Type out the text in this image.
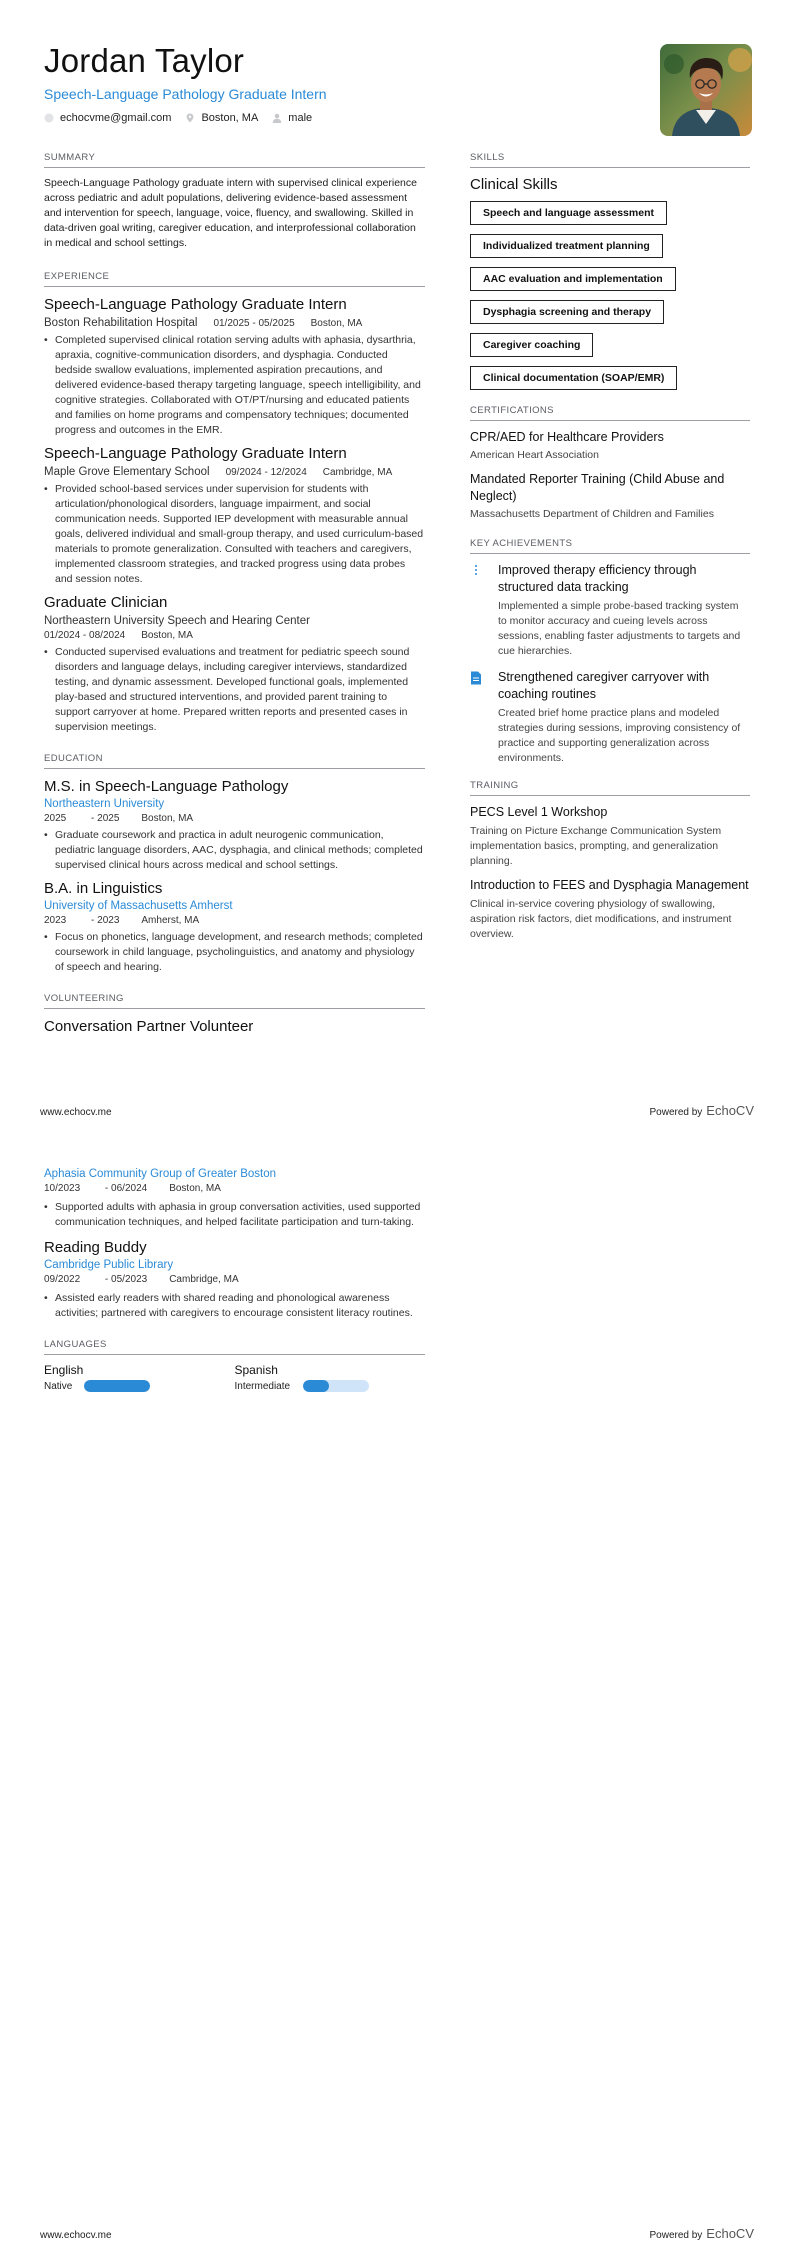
Jordan Taylor
Speech-Language Pathology Graduate Intern
echocvme@gmail.com	Boston, MA	male
SUMMARY
Speech-Language Pathology graduate intern with supervised clinical experience across pediatric and adult populations, delivering evidence-based assessment and intervention for speech, language, voice, fluency, and swallowing. Skilled in data-driven goal writing, caregiver education, and interprofessional collaboration in medical and school settings.
EXPERIENCE
Speech-Language Pathology Graduate Intern
Boston Rehabilitation Hospital 01/2025 - 05/2025 Boston, MA
• Completed supervised clinical rotation serving adults with aphasia, dysarthria, apraxia, cognitive-communication disorders, and dysphagia. Conducted bedside swallow evaluations, implemented aspiration precautions, and delivered evidence-based therapy targeting language, speech intelligibility, and cognitive strategies. Collaborated with OT/PT/nursing and educated patients and families on home programs and compensatory techniques; documented progress and outcomes in the EMR.
Speech-Language Pathology Graduate Intern
Maple Grove Elementary School 09/2024 - 12/2024 Cambridge, MA
• Provided school-based services under supervision for students with articulation/phonological disorders, language impairment, and social communication needs. Supported IEP development with measurable annual goals, delivered individual and small-group therapy, and used curriculum-based materials to promote generalization. Consulted with teachers and caregivers, implemented classroom strategies, and tracked progress using data probes and session notes.
Graduate Clinician
Northeastern University Speech and Hearing Center
01/2024 - 08/2024 Boston, MA
• Conducted supervised evaluations and treatment for pediatric speech sound disorders and language delays, including caregiver interviews, standardized testing, and dynamic assessment. Developed functional goals, implemented play-based and structured interventions, and provided parent training to support carryover at home. Prepared written reports and presented cases in supervision meetings.
EDUCATION
M.S. in Speech-Language Pathology
Northeastern University
2025 - 2025 Boston, MA
• Graduate coursework and practica in adult neurogenic communication, pediatric language disorders, AAC, dysphagia, and clinical methods; completed supervised clinical hours across medical and school settings.
B.A. in Linguistics
University of Massachusetts Amherst
2023 - 2023 Amherst, MA
• Focus on phonetics, language development, and research methods; completed coursework in child language, psycholinguistics, and anatomy and physiology of speech and hearing.
VOLUNTEERING
Conversation Partner Volunteer
SKILLS
Clinical Skills
Speech and language assessment
Individualized treatment planning
AAC evaluation and implementation
Dysphagia screening and therapy
Caregiver coaching
Clinical documentation (SOAP/EMR)
CERTIFICATIONS
CPR/AED for Healthcare Providers
American Heart Association
Mandated Reporter Training (Child Abuse and Neglect)
Massachusetts Department of Children and Families
KEY ACHIEVEMENTS
Improved therapy efficiency through structured data tracking
Implemented a simple probe-based tracking system to monitor accuracy and cueing levels across sessions, enabling faster adjustments to targets and cue hierarchies.
Strengthened caregiver carryover with coaching routines
Created brief home practice plans and modeled strategies during sessions, improving consistency of practice and supporting generalization across environments.
TRAINING
PECS Level 1 Workshop
Training on Picture Exchange Communication System implementation basics, prompting, and generalization planning.
Introduction to FEES and Dysphagia Management
Clinical in-service covering physiology of swallowing, aspiration risk factors, diet modifications, and instrument overview.
www.echocv.me	Powered by EchoCV
Aphasia Community Group of Greater Boston
10/2023 - 06/2024 Boston, MA
• Supported adults with aphasia in group conversation activities, used supported communication techniques, and helped facilitate participation and turn-taking.
Reading Buddy
Cambridge Public Library
09/2022 - 05/2023 Cambridge, MA
• Assisted early readers with shared reading and phonological awareness activities; partnered with caregivers to encourage consistent literacy routines.
LANGUAGES
English
Native
Spanish
Intermediate
www.echocv.me	Powered by EchoCV
